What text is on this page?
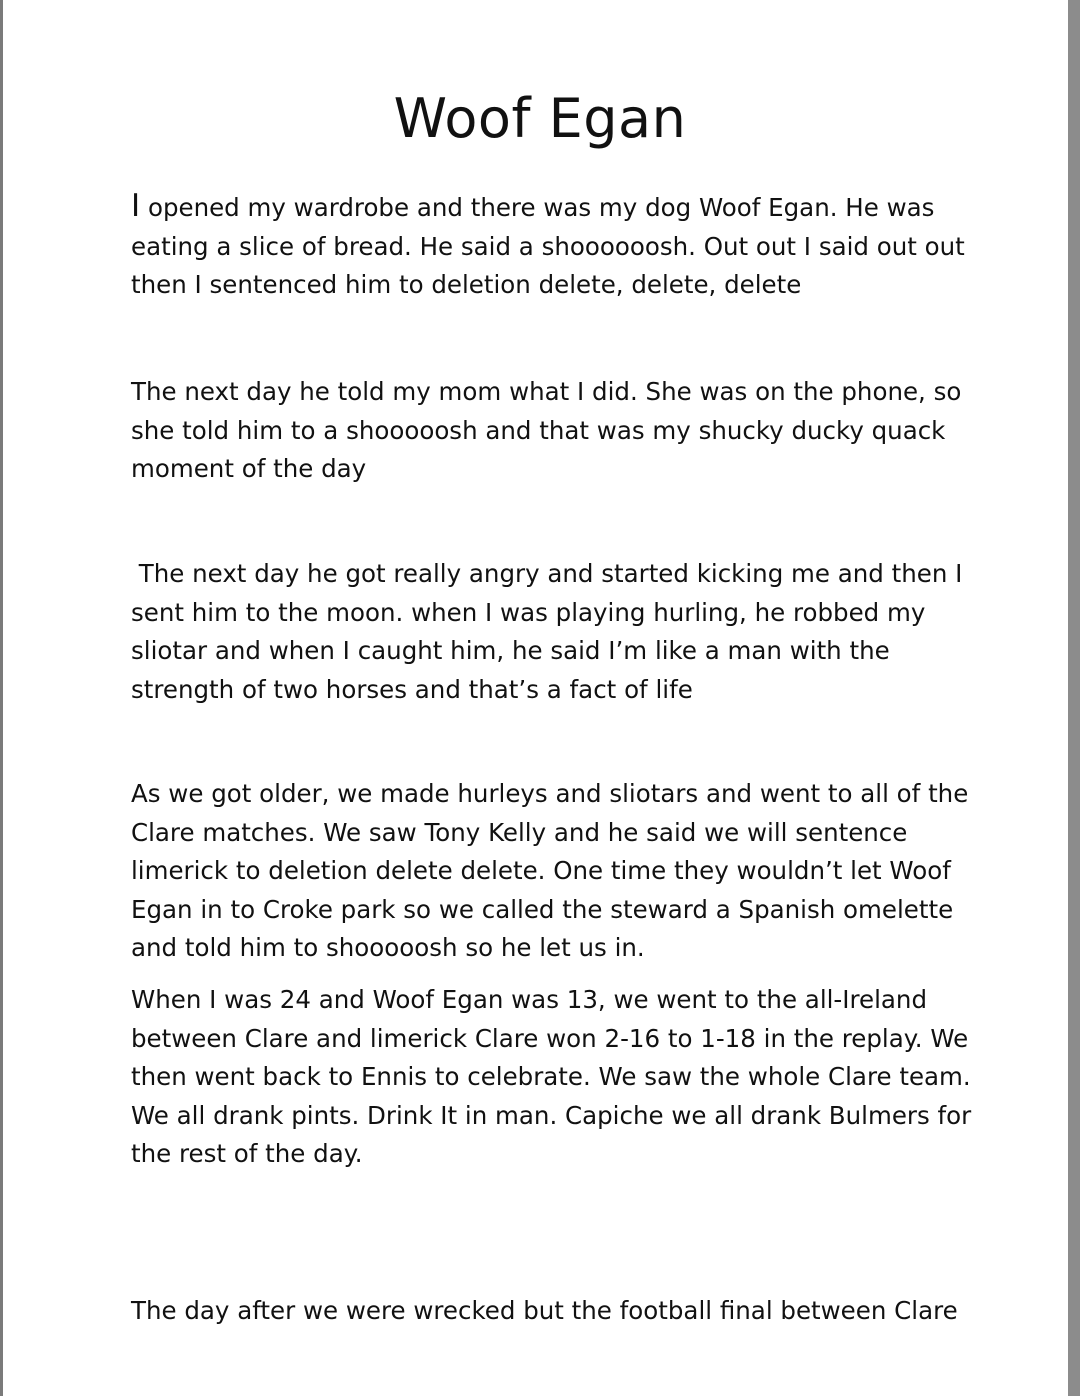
Woof Egan

I opened my wardrobe and there was my dog Woof Egan. He was
eating a slice of bread. He said a shoooooosh. Out out I said out out
then I sentenced him to deletion delete, delete, delete

The next day he told my mom what I did. She was on the phone, so
she told him to a shooooosh and that was my shucky ducky quack
moment of the day

The next day he got really angry and started kicking me and then I
sent him to the moon. when I was playing hurling, he robbed my
sliotar and when I caught him, he said I’m like a man with the
strength of two horses and that’s a fact of life

As we got older, we made hurleys and sliotars and went to all of the
Clare matches. We saw Tony Kelly and he said we will sentence
limerick to deletion delete delete. One time they wouldn’t let Woof
Egan in to Croke park so we called the steward a Spanish omelette
and told him to shooooosh so he let us in.

When I was 24 and Woof Egan was 13, we went to the all-Ireland
between Clare and limerick Clare won 2-16 to 1-18 in the replay. We
then went back to Ennis to celebrate. We saw the whole Clare team.
We all drank pints. Drink It in man. Capiche we all drank Bulmers for
the rest of the day.

The day after we were wrecked but the football final between Clare
